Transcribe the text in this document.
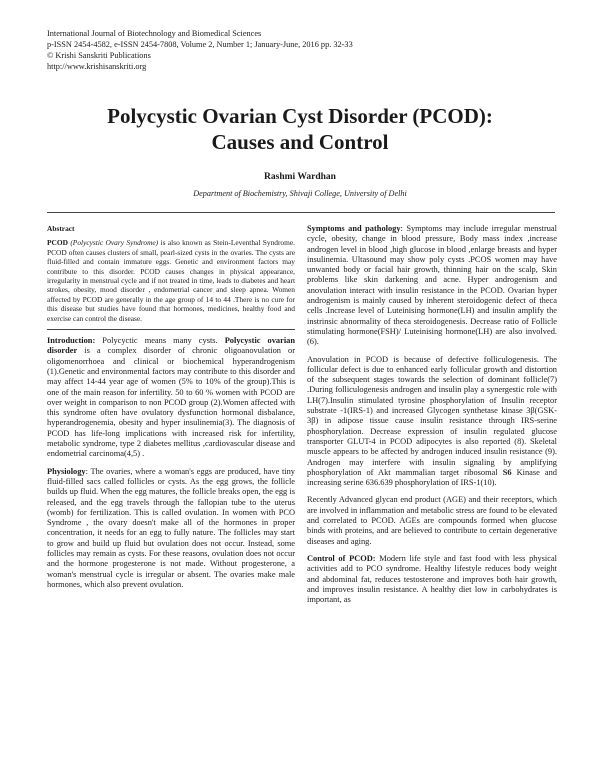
International Journal of Biotechnology and Biomedical Sciences
p-ISSN 2454-4582, e-ISSN 2454-7808, Volume 2, Number 1; January-June, 2016 pp. 32-33
© Krishi Sanskriti Publications
http://www.krishisanskriti.org
Polycystic Ovarian Cyst Disorder (PCOD):
Causes and Control
Rashmi Wardhan
Department of Biochemistry, Shivaji College, University of Delhi

Abstract

PCOD (Polycystic Ovary Syndrome) is also known as Stein-Leventhal Syndrome. PCOD often causes clusters of small, pearl-sized cysts in the ovaries. The cysts are fluid-filled and contain immature eggs. Genetic and environment factors may contribute to this disorder. PCOD causes changes in physical appearance, irregularity in menstrual cycle and if not treated in time, leads to diabetes and heart strokes, obesity, mood disorder , endometrial cancer and sleep apnea. Women affected by PCOD are generally in the age group of 14 to 44 .There is no cure for this disease but studies have found that hormones, medicines, healthy food and exercise can control the disease.

Introduction: Polycyctic means many cysts. Polycystic ovarian disorder is a complex disorder of chronic oligoanovulation or oligomenorrhoea and clinical or biochemical hyperandrogenism (1).Genetic and environmental factors may contribute to this disorder and may affect 14-44 year age of women (5% to 10% of the group).This is one of the main reason for infertility. 50 to 60 % women with PCOD are over weight in comparison to non PCOD group (2).Women affected with this syndrome often have ovulatory dysfunction hormonal disbalance, hyperandrogenemia, obesity and hyper insulinemia(3). The diagnosis of PCOD has life-long implications with increased risk for infertility, metabolic syndrome, type 2 diabetes mellitus ,cardiovascular disease and endometrial carcinoma(4,5) .

Physiology: The ovaries, where a woman's eggs are produced, have tiny fluid-filled sacs called follicles or cysts. As the egg grows, the follicle builds up fluid. When the egg matures, the follicle breaks open, the egg is released, and the egg travels through the fallopian tube to the uterus (womb) for fertilization. This is called ovulation. In women with PCO Syndrome , the ovary doesn't make all of the hormones in proper concentration, it needs for an egg to fully nature. The follicles may start to grow and build up fluid but ovulation does not occur. Instead, some follicles may remain as cysts. For these reasons, ovulation does not occur and the hormone progesterone is not made. Without progesterone, a woman's menstrual cycle is irregular or absent. The ovaries make male hormones, which also prevent ovulation.

Symptoms and pathology: Symptoms may include irregular menstrual cycle, obesity, change in blood pressure, Body mass index ,increase androgen level in blood ,high glucose in blood ,enlarge breasts and hyper insulinemia. Ultasound may show poly cysts .PCOS women may have unwanted body or facial hair growth, thinning hair on the scalp, Skin problems like skin darkening and acne. Hyper androgenism and anovulation interact with insulin resistance in the PCOD. Ovarian hyper androgenism is mainly caused by inherent steroidogenic defect of theca cells .Increase level of Luteinising hormone(LH) and insulin amplify the instrinsic abnormality of theca steroidogenesis. Decrease ratio of Follicle stimulating hormone(FSH)/ Luteinising hormone(LH) are also involved.(6).

Anovulation in PCOD is because of defective folliculogenesis. The follicular defect is due to enhanced early follicular growth and distortion of the subsequent stages towards the selection of dominant follicle(7) .During folliculogenesis androgen and insulin play a synergestic role with LH(7).Insulin stimulated tyrosine phosphorylation of Insulin receptor substrate -1(IRS-1) and increased Glycogen synthetase kinase 3β(GSK-3β) in adipose tissue cause insulin resistance through IRS-serine phosphorylation. Decrease expression of insulin regulated glucose transporter GLUT-4 in PCOD adipocytes is also reported (8). Skeletal muscle appears to be affected by androgen induced insulin resistance (9). Androgen may interfere with insulin signaling by amplifying phosphorylation of Akt mammalian target ribosomal S6 Kinase and increasing serine 636.639 phosphorylation of IRS-1(10).

Recently Advanced glycan end product (AGE) and their receptors, which are involved in inflammation and metabolic stress are found to be elevated and correlated to PCOD. AGEs are compounds formed when glucose binds with proteins, and are believed to contribute to certain degenerative diseases and aging.

Control of PCOD: Modern life style and fast food with less physical activities add to PCO syndrome. Healthy lifestyle reduces body weight and abdominal fat, reduces testosterone and improves both hair growth, and improves insulin resistance. A healthy diet low in carbohydrates is important, as
